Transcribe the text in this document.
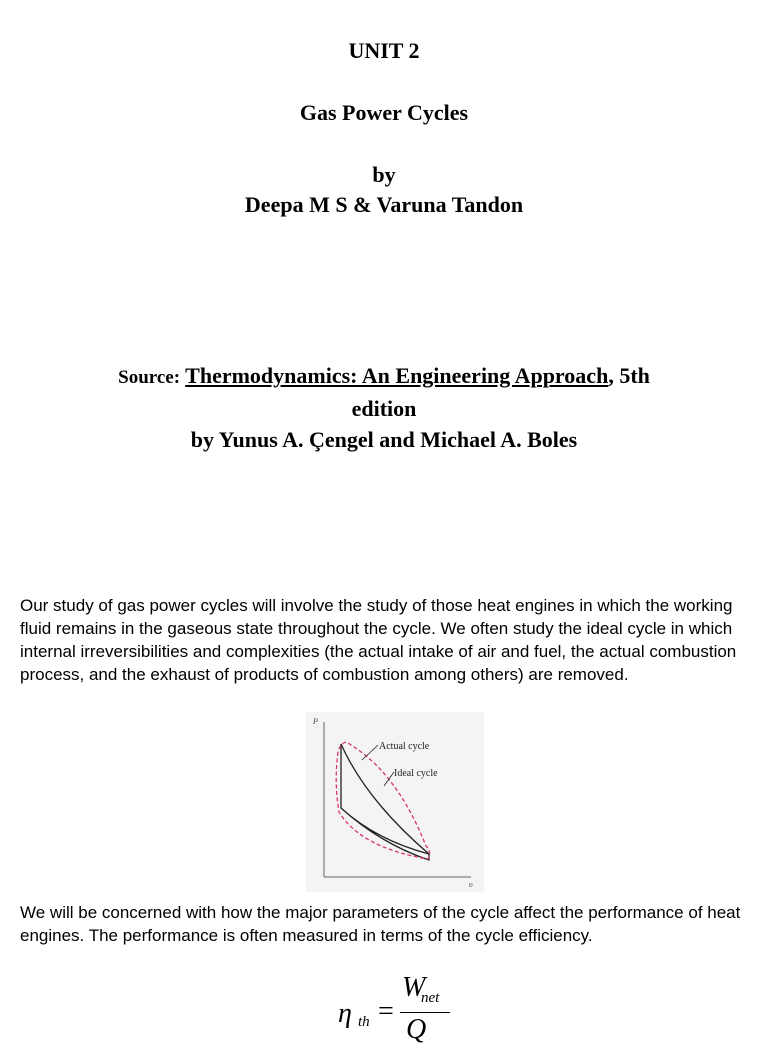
UNIT 2
Gas Power Cycles
by
Deepa M S & Varuna Tandon
Source: Thermodynamics: An Engineering Approach, 5th
edition
by Yunus A. Çengel and Michael A. Boles

Our study of gas power cycles will involve the study of those heat engines in which the working fluid remains in the gaseous state throughout the cycle. We often study the ideal cycle in which internal irreversibilities and complexities (the actual intake of air and fuel, the actual combustion process, and the exhaust of products of combustion among others) are removed.

P
υ
Actual cycle
Ideal cycle

We will be concerned with how the major parameters of the cycle affect the performance of heat engines. The performance is often measured in terms of the cycle efficiency.

η th =
W
net
Q
